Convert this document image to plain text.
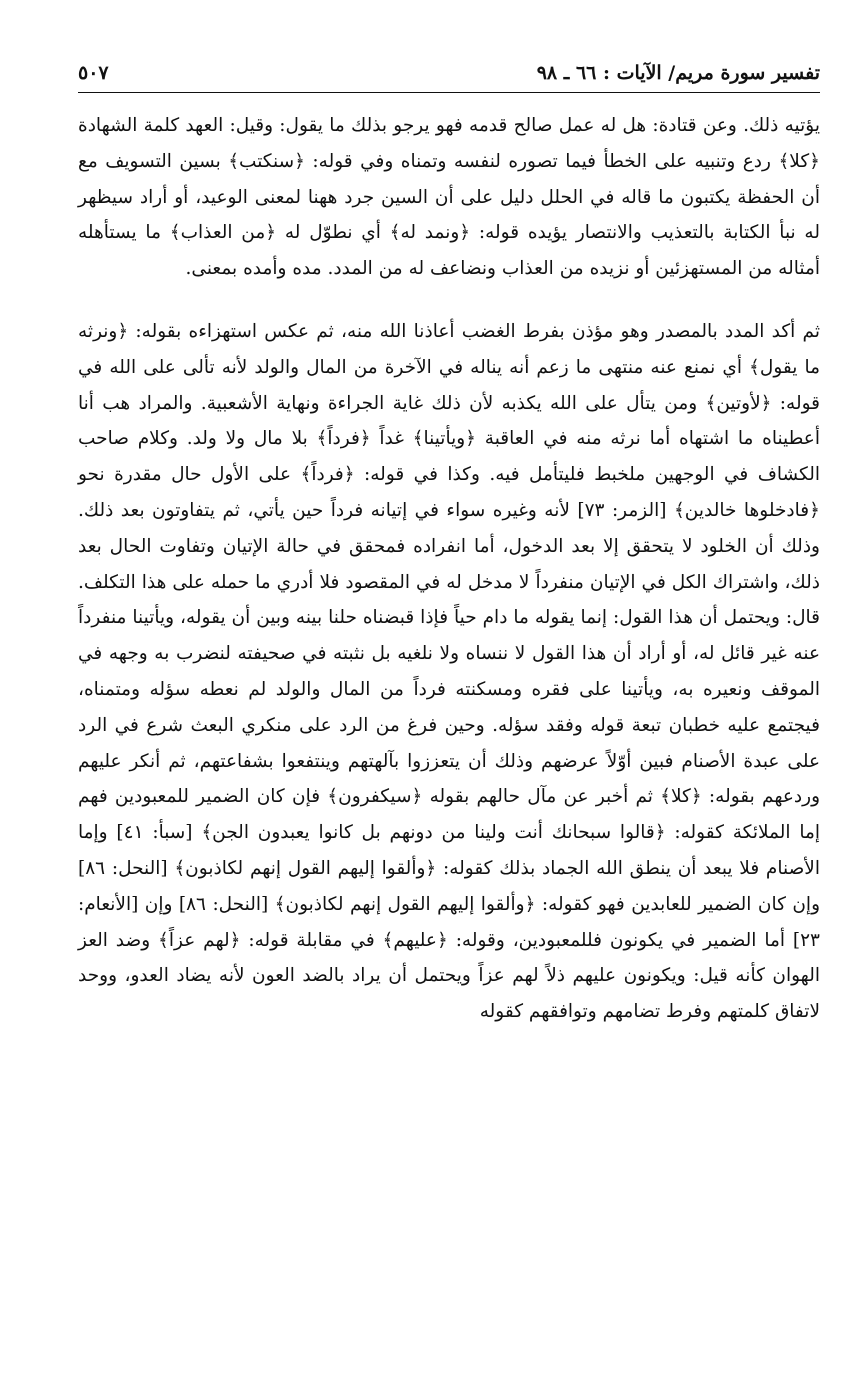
تفسير سورة مريم/ الآيات : ٦٦ ـ ٩٨
٥٠٧

يؤتيه ذلك. وعن قتادة: هل له عمل صالح قدمه فهو يرجو بذلك ما يقول: وقيل: العهد كلمة الشهادة ﴿كلا﴾ ردع وتنبيه على الخطأ فيما تصوره لنفسه وتمناه وفي قوله: ﴿سنكتب﴾ بسين التسويف مع أن الحفظة يكتبون ما قاله في الحلل دليل على أن السين جرد ههنا لمعنى الوعيد، أو أراد سيظهر له نبأ الكتابة بالتعذيب والانتصار يؤيده قوله: ﴿ونمد له﴾ أي نطوّل له ﴿من العذاب﴾ ما يستأهله أمثاله من المستهزئين أو نزيده من العذاب ونضاعف له من المدد. مده وأمده بمعنى.

ثم أكد المدد بالمصدر وهو مؤذن بفرط الغضب أعاذنا الله منه، ثم عكس استهزاءه بقوله: ﴿ونرثه ما يقول﴾ أي نمنع عنه منتهى ما زعم أنه يناله في الآخرة من المال والولد لأنه تألى على الله في قوله: ﴿لأوتين﴾ ومن يتأل على الله يكذبه لأن ذلك غاية الجراءة ونهاية الأشعبية. والمراد هب أنا أعطيناه ما اشتهاه أما نرثه منه في العاقبة ﴿ويأتينا﴾ غداً ﴿فرداً﴾ بلا مال ولا ولد. وكلام صاحب الكشاف في الوجهين ملخبط فليتأمل فيه. وكذا في قوله: ﴿فرداً﴾ على الأول حال مقدرة نحو ﴿فادخلوها خالدين﴾ [الزمر: ٧٣] لأنه وغيره سواء في إتيانه فرداً حين يأتي، ثم يتفاوتون بعد ذلك. وذلك أن الخلود لا يتحقق إلا بعد الدخول، أما انفراده فمحقق في حالة الإتيان وتفاوت الحال بعد ذلك، واشتراك الكل في الإتيان منفرداً لا مدخل له في المقصود فلا أدري ما حمله على هذا التكلف. قال: ويحتمل أن هذا القول: إنما يقوله ما دام حياً فإذا قبضناه حلنا بينه وبين أن يقوله، ويأتينا منفرداً عنه غير قائل له، أو أراد أن هذا القول لا ننساه ولا نلغيه بل نثبته في صحيفته لنضرب به وجهه في الموقف ونعيره به، ويأتينا على فقره ومسكنته فرداً من المال والولد لم نعطه سؤله ومتمناه، فيجتمع عليه خطبان تبعة قوله وفقد سؤله. وحين فرغ من الرد على منكري البعث شرع في الرد على عبدة الأصنام فبين أوّلاً عرضهم وذلك أن يتعززوا بآلهتهم وينتفعوا بشفاعتهم، ثم أنكر عليهم وردعهم بقوله: ﴿كلا﴾ ثم أخبر عن مآل حالهم بقوله ﴿سيكفرون﴾ فإن كان الضمير للمعبودين فهم إما الملائكة كقوله: ﴿قالوا سبحانك أنت ولينا من دونهم بل كانوا يعبدون الجن﴾ [سبأ: ٤١] وإما الأصنام فلا يبعد أن ينطق الله الجماد بذلك كقوله: ﴿وألقوا إليهم القول إنهم لكاذبون﴾ [النحل: ٨٦] وإن كان الضمير للعابدين فهو كقوله: ﴿وألقوا إليهم القول إنهم لكاذبون﴾ [النحل: ٨٦] وإن [الأنعام: ٢٣] أما الضمير في يكونون فللمعبودين، وقوله: ﴿عليهم﴾ في مقابلة قوله: ﴿لهم عزاً﴾ وضد العز الهوان كأنه قيل: ويكونون عليهم ذلاً لهم عزاً ويحتمل أن يراد بالضد العون لأنه يضاد العدو، ووحد لاتفاق كلمتهم وفرط تضامهم وتوافقهم كقوله
